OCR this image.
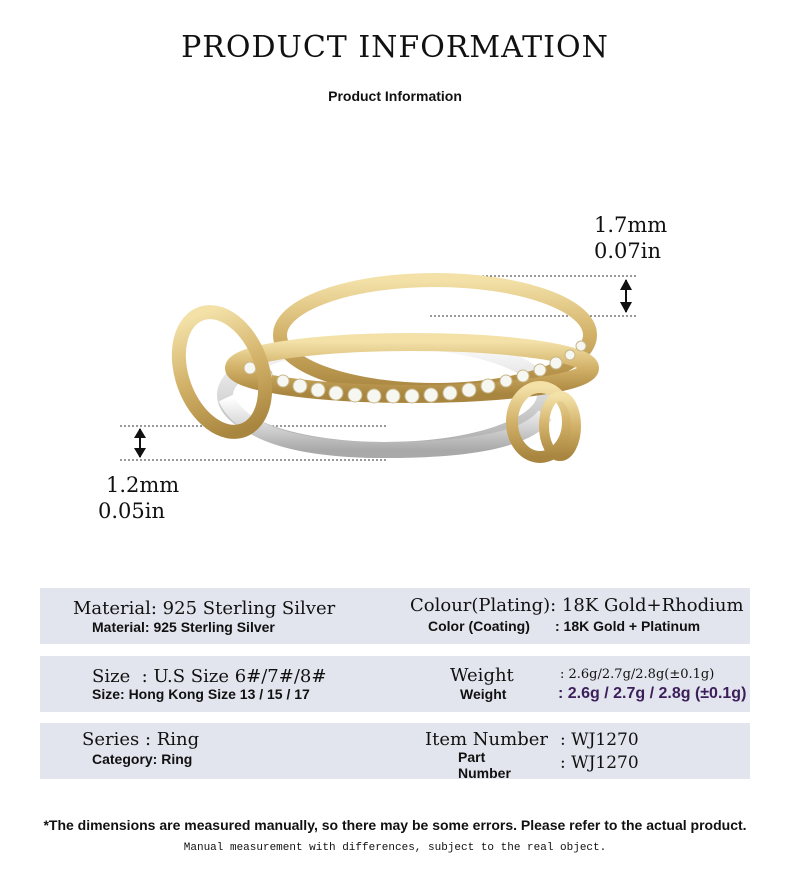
PRODUCT INFORMATION
Product Information
1.7mm
0.07in
1.2mm
0.05in
Material: 925 Sterling Silver
Material: 925 Sterling Silver
Colour(Plating): 18K Gold+Rhodium
Color (Coating) : 18K Gold + Platinum
Size  : U.S Size 6#/7#/8#
Size: Hong Kong Size 13 / 15 / 17
Weight	: 2.6g/2.7g/2.8g(±0.1g)
Weight	: 2.6g / 2.7g / 2.8g (±0.1g)
Series : Ring
Category: Ring
Item Number : WJ1270
Part
Number	: WJ1270
*The dimensions are measured manually, so there may be some errors. Please refer to the actual product.
Manual measurement with differences, subject to the real object.
